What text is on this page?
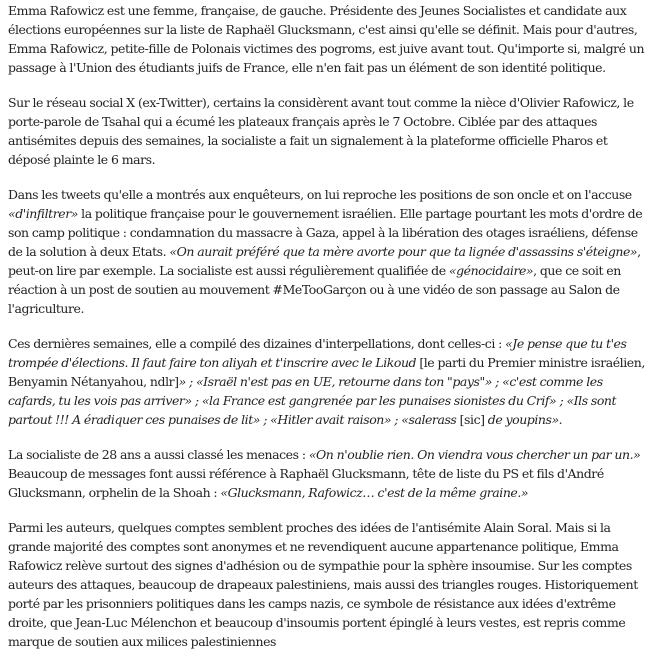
Emma Rafowicz est une femme, française, de gauche. Présidente des Jeunes Socialistes et candidate aux élections européennes sur la liste de Raphaël Glucksmann, c'est ainsi qu'elle se définit. Mais pour d'autres, Emma Rafowicz, petite-fille de Polonais victimes des pogroms, est juive avant tout. Qu'importe si, malgré un passage à l'Union des étudiants juifs de France, elle n'en fait pas un élément de son identité politique.

Sur le réseau social X (ex-Twitter), certains la considèrent avant tout comme la nièce d'Olivier Rafowicz, le porte-parole de Tsahal qui a écumé les plateaux français après le 7 Octobre. Ciblée par des attaques antisémites depuis des semaines, la socialiste a fait un signalement à la plateforme officielle Pharos et déposé plainte le 6 mars.

Dans les tweets qu'elle a montrés aux enquêteurs, on lui reproche les positions de son oncle et on l'accuse «d'infiltrer» la politique française pour le gouvernement israélien. Elle partage pourtant les mots d'ordre de son camp politique : condamnation du massacre à Gaza, appel à la libération des otages israéliens, défense de la solution à deux Etats. «On aurait préféré que ta mère avorte pour que ta lignée d'assassins s'éteigne», peut-on lire par exemple. La socialiste est aussi régulièrement qualifiée de «génocidaire», que ce soit en réaction à un post de soutien au mouvement #MeTooGarçon ou à une vidéo de son passage au Salon de l'agriculture.

Ces dernières semaines, elle a compilé des dizaines d'interpellations, dont celles-ci : «Je pense que tu t'es trompée d'élections. Il faut faire ton aliyah et t'inscrire avec le Likoud [le parti du Premier ministre israélien, Benyamin Nétanyahou, ndlr]» ; «Israël n'est pas en UE, retourne dans ton "pays"» ; «c'est comme les cafards, tu les vois pas arriver» ; «la France est gangrenée par les punaises sionistes du Crif» ; «Ils sont partout !!! A éradiquer ces punaises de lit» ; «Hitler avait raison» ; «salerass [sic] de youpins».

La socialiste de 28 ans a aussi classé les menaces : «On n'oublie rien. On viendra vous chercher un par un.» Beaucoup de messages font aussi référence à Raphaël Glucksmann, tête de liste du PS et fils d'André Glucksmann, orphelin de la Shoah : «Glucksmann, Rafowicz… c'est de la même graine.»

Parmi les auteurs, quelques comptes semblent proches des idées de l'antisémite Alain Soral. Mais si la grande majorité des comptes sont anonymes et ne revendiquent aucune appartenance politique, Emma Rafowicz relève surtout des signes d'adhésion ou de sympathie pour la sphère insoumise. Sur les comptes auteurs des attaques, beaucoup de drapeaux palestiniens, mais aussi des triangles rouges. Historiquement porté par les prisonniers politiques dans les camps nazis, ce symbole de résistance aux idées d'extrême droite, que Jean-Luc Mélenchon et beaucoup d'insoumis portent épinglé à leurs vestes, est repris comme marque de soutien aux milices palestiniennes
